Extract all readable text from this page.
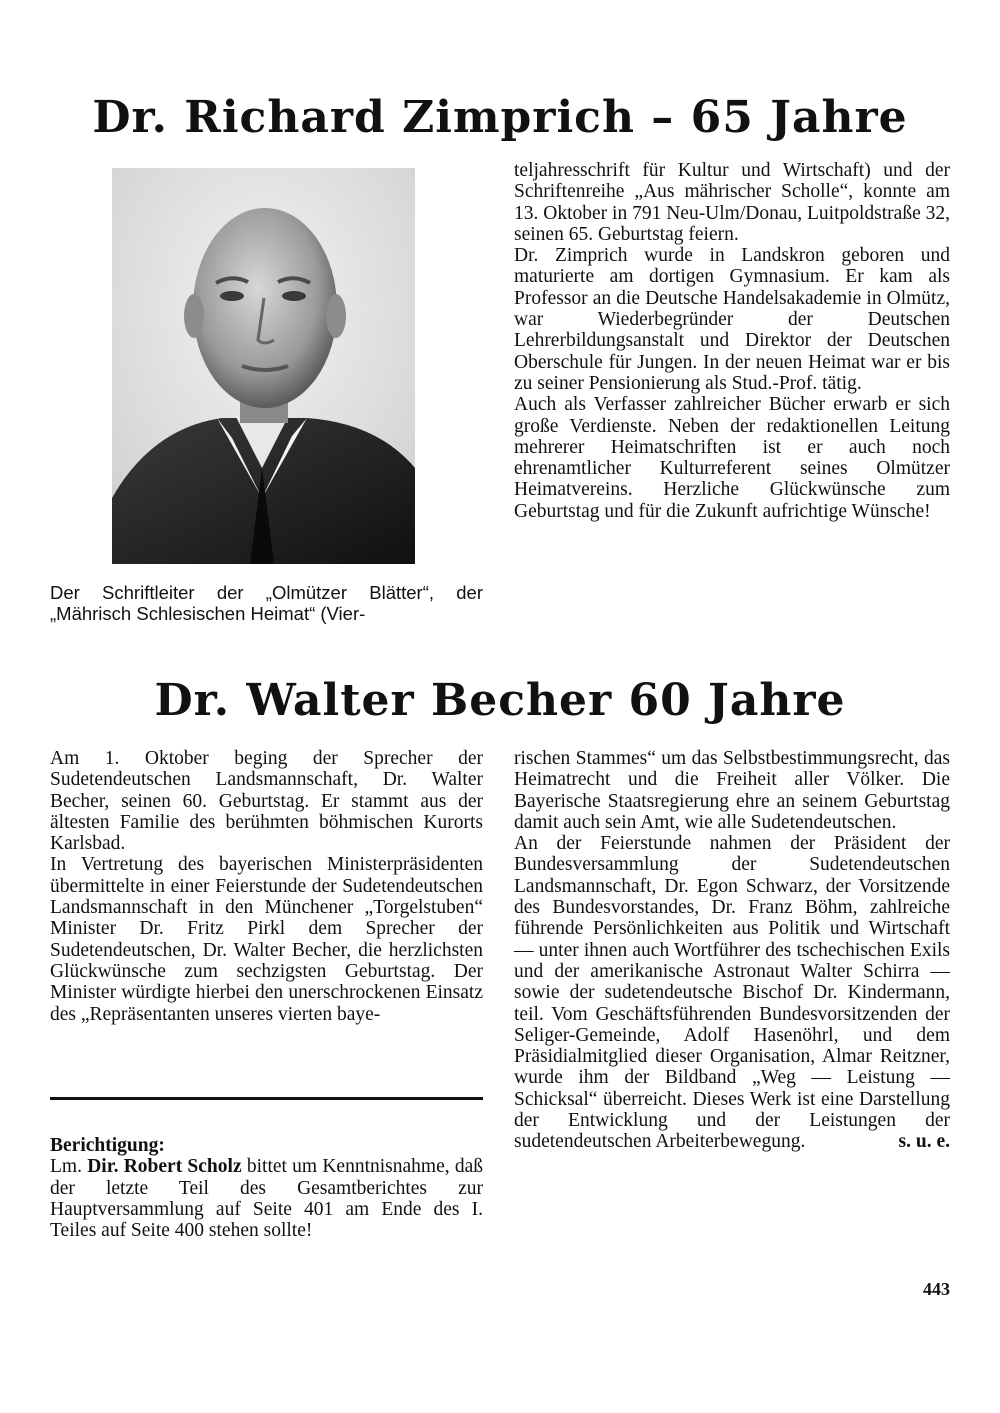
Dr. Richard Zimprich – 65 Jahre
Der Schriftleiter der „Olmützer Blätter“, der „Mährisch Schlesischen Heimat“ (Vier-

teljahresschrift für Kultur und Wirtschaft) und der Schriftenreihe „Aus mährischer Scholle“, konnte am 13. Oktober in 791 Neu-Ulm/Donau, Luitpoldstraße 32, seinen 65. Geburtstag feiern.

Dr. Zimprich wurde in Landskron geboren und maturierte am dortigen Gymnasium. Er kam als Professor an die Deutsche Handelsakademie in Olmütz, war Wiederbegründer der Deutschen Lehrerbildungsanstalt und Direktor der Deutschen Oberschule für Jungen. In der neuen Heimat war er bis zu seiner Pensionierung als Stud.-Prof. tätig.

Auch als Verfasser zahlreicher Bücher erwarb er sich große Verdienste. Neben der redaktionellen Leitung mehrerer Heimatschriften ist er auch noch ehrenamtlicher Kulturreferent seines Olmützer Heimatvereins. Herzliche Glückwünsche zum Geburtstag und für die Zukunft aufrichtige Wünsche!

Dr. Walter Becher 60 Jahre

Am 1. Oktober beging der Sprecher der Sudetendeutschen Landsmannschaft, Dr. Walter Becher, seinen 60. Geburtstag. Er stammt aus der ältesten Familie des berühmten böhmischen Kurorts Karlsbad.

In Vertretung des bayerischen Ministerpräsidenten übermittelte in einer Feierstunde der Sudetendeutschen Landsmannschaft in den Münchener „Torgelstuben“ Minister Dr. Fritz Pirkl dem Sprecher der Sudetendeutschen, Dr. Walter Becher, die herzlichsten Glückwünsche zum sechzigsten Geburtstag. Der Minister würdigte hierbei den unerschrockenen Einsatz des „Repräsentanten unseres vierten baye-

Berichtigung:

Lm. Dir. Robert Scholz bittet um Kenntnisnahme, daß der letzte Teil des Gesamtberichtes zur Hauptversammlung auf Seite 401 am Ende des I. Teiles auf Seite 400 stehen sollte!

rischen Stammes“ um das Selbstbestimmungsrecht, das Heimatrecht und die Freiheit aller Völker. Die Bayerische Staatsregierung ehre an seinem Geburtstag damit auch sein Amt, wie alle Sudetendeutschen.

An der Feierstunde nahmen der Präsident der Bundesversammlung der Sudetendeutschen Landsmannschaft, Dr. Egon Schwarz, der Vorsitzende des Bundesvorstandes, Dr. Franz Böhm, zahlreiche führende Persönlichkeiten aus Politik und Wirtschaft — unter ihnen auch Wortführer des tschechischen Exils und der amerikanische Astronaut Walter Schirra — sowie der sudetendeutsche Bischof Dr. Kindermann, teil. Vom Geschäftsführenden Bundesvorsitzenden der Seliger-Gemeinde, Adolf Hasenöhrl, und dem Präsidialmitglied dieser Organisation, Almar Reitzner, wurde ihm der Bildband „Weg — Leistung — Schicksal“ überreicht. Dieses Werk ist eine Darstellung der Entwicklung und der Leistungen der sudetendeutschen Arbeiterbewegung.	s. u. e.

443
